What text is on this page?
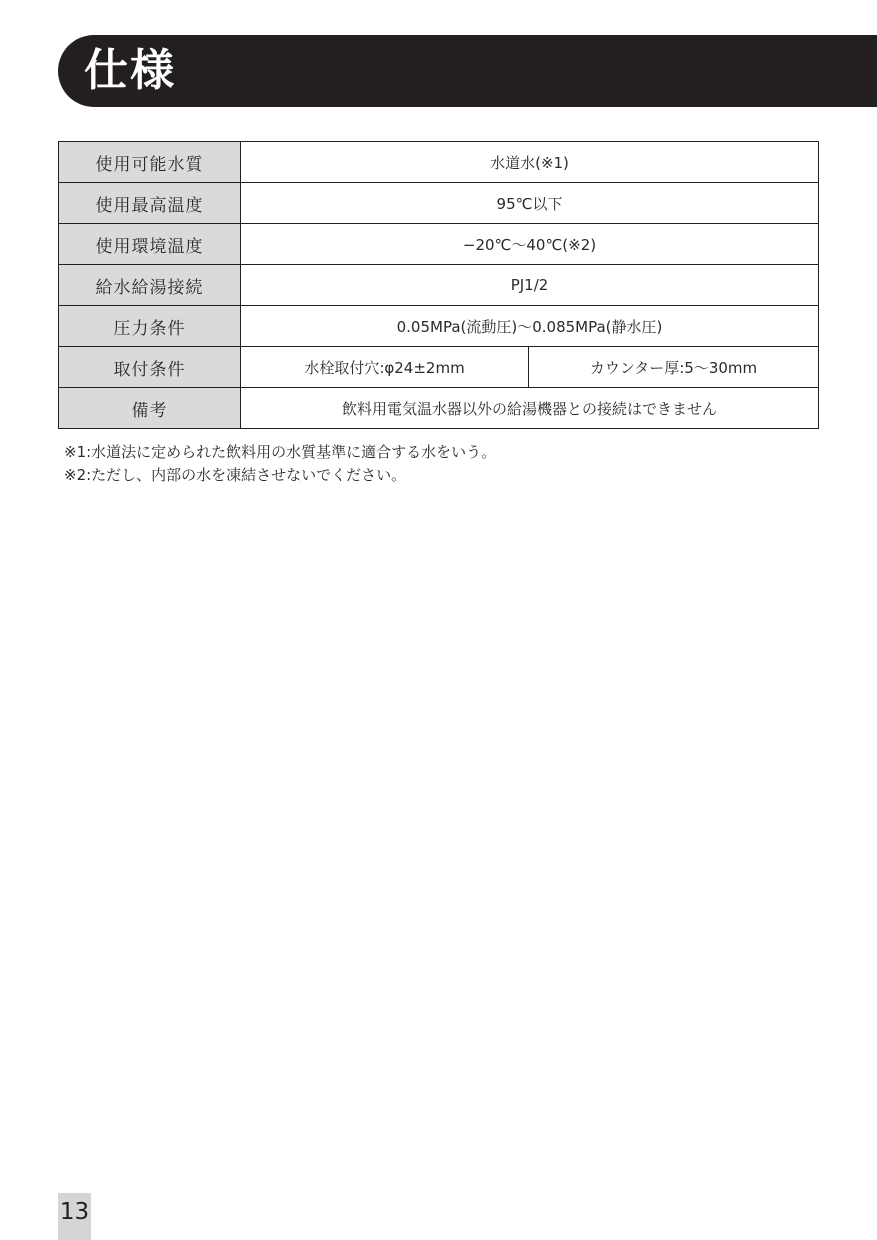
仕様
使用可能水質	水道水(※1)	
使用最高温度	95℃以下	
使用環境温度	−20℃〜40℃(※2)	
給水給湯接続	PJ1/2	
圧力条件	0.05MPa(流動圧)〜0.085MPa(静水圧)	
取付条件	水栓取付穴:φ24±2mm	カウンター厚:5〜30mm
備考	飲料用電気温水器以外の給湯機器との接続はできません	
※1:水道法に定められた飲料用の水質基準に適合する水をいう。
※2:ただし、内部の水を凍結させないでください。
13
